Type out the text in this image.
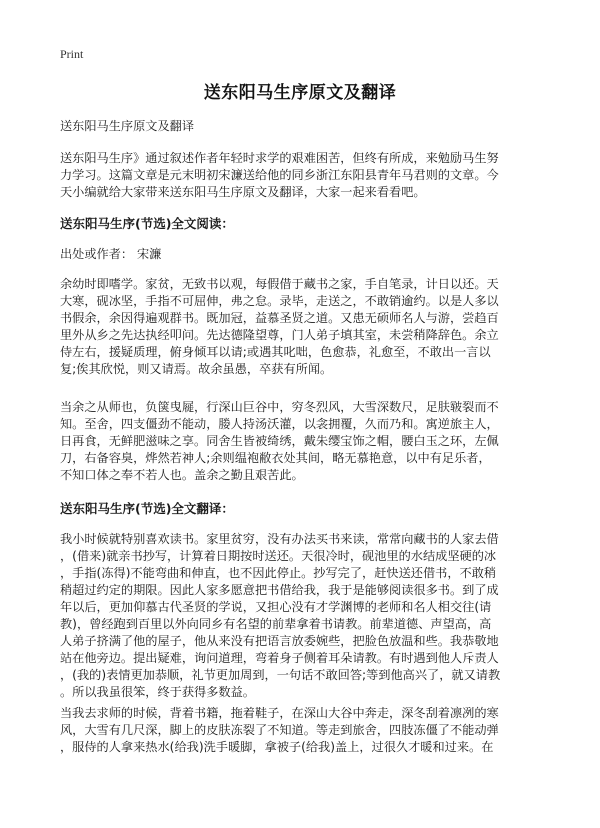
Print
送东阳马生序原文及翻译
送东阳马生序原文及翻译
送东阳马生序》通过叙述作者年轻时求学的艰难困苦，但终有所成，来勉励马生努
力学习。这篇文章是元末明初宋濂送给他的同乡浙江东阳县青年马君则的文章。今
天小编就给大家带来送东阳马生序原文及翻译，大家一起来看看吧。
送东阳马生序(节选)全文阅读：
出处或作者： 宋濂
余幼时即嗜学。家贫，无致书以观，每假借于藏书之家，手自笔录，计日以还。天
大寒，砚冰坚，手指不可屈伸，弗之怠。录毕，走送之，不敢销逾约。以是人多以
书假余，余因得遍观群书。既加冠，益慕圣贤之道。又患无硕师名人与游，尝趋百
里外从乡之先达执经叩问。先达德隆望尊，门人弟子填其室，未尝稍降辞色。余立
侍左右，援疑质理，俯身倾耳以请;或遇其叱咄，色愈恭，礼愈至，不敢出一言以
复;俟其欣悦，则又请焉。故余虽愚，卒获有所闻。
当余之从师也，负箧曳屣，行深山巨谷中，穷冬烈风，大雪深数尺，足肤皲裂而不
知。至舍，四支僵劲不能动，媵人持汤沃灌，以衾拥覆，久而乃和。寓逆旅主人，
日再食，无鲜肥滋味之享。同舍生皆被绮绣，戴朱缨宝饰之帽，腰白玉之环，左佩
刀，右备容臭，烨然若神人;余则缊袍敝衣处其间，略无慕艳意，以中有足乐者，
不知口体之奉不若人也。盖余之勤且艰苦此。
送东阳马生序(节选)全文翻译：
我小时候就特别喜欢读书。家里贫穷，没有办法买书来读，常常向藏书的人家去借
，(借来)就亲书抄写，计算着日期按时送还。天很冷时，砚池里的水结成坚硬的冰
，手指(冻得)不能弯曲和伸直，也不因此停止。抄写完了，赶快送还借书，不敢稍
稍超过约定的期限。因此人家多愿意把书借给我，我于是能够阅读很多书。到了成
年以后，更加仰慕古代圣贤的学说，又担心没有才学渊博的老师和名人相交往(请
教)，曾经跑到百里以外向同乡有名望的前辈拿着书请教。前辈道德、声望高，高
人弟子挤满了他的屋子，他从来没有把语言放委婉些，把脸色放温和些。我恭敬地
站在他旁边。提出疑难，询问道理，弯着身子侧着耳朵请教。有时遇到他人斥责人
，(我的)表情更加恭顺，礼节更加周到，一句话不敢回答;等到他高兴了，就又请教
。所以我虽很笨，终于获得多数益。
当我去求师的时候，背着书籍，拖着鞋子，在深山大谷中奔走，深冬刮着凛冽的寒
风，大雪有几尺深，脚上的皮肤冻裂了不知道。等走到旅舍，四肢冻僵了不能动弹
，服侍的人拿来热水(给我)洗手暖脚，拿被子(给我)盖上，过很久才暖和过来。在
